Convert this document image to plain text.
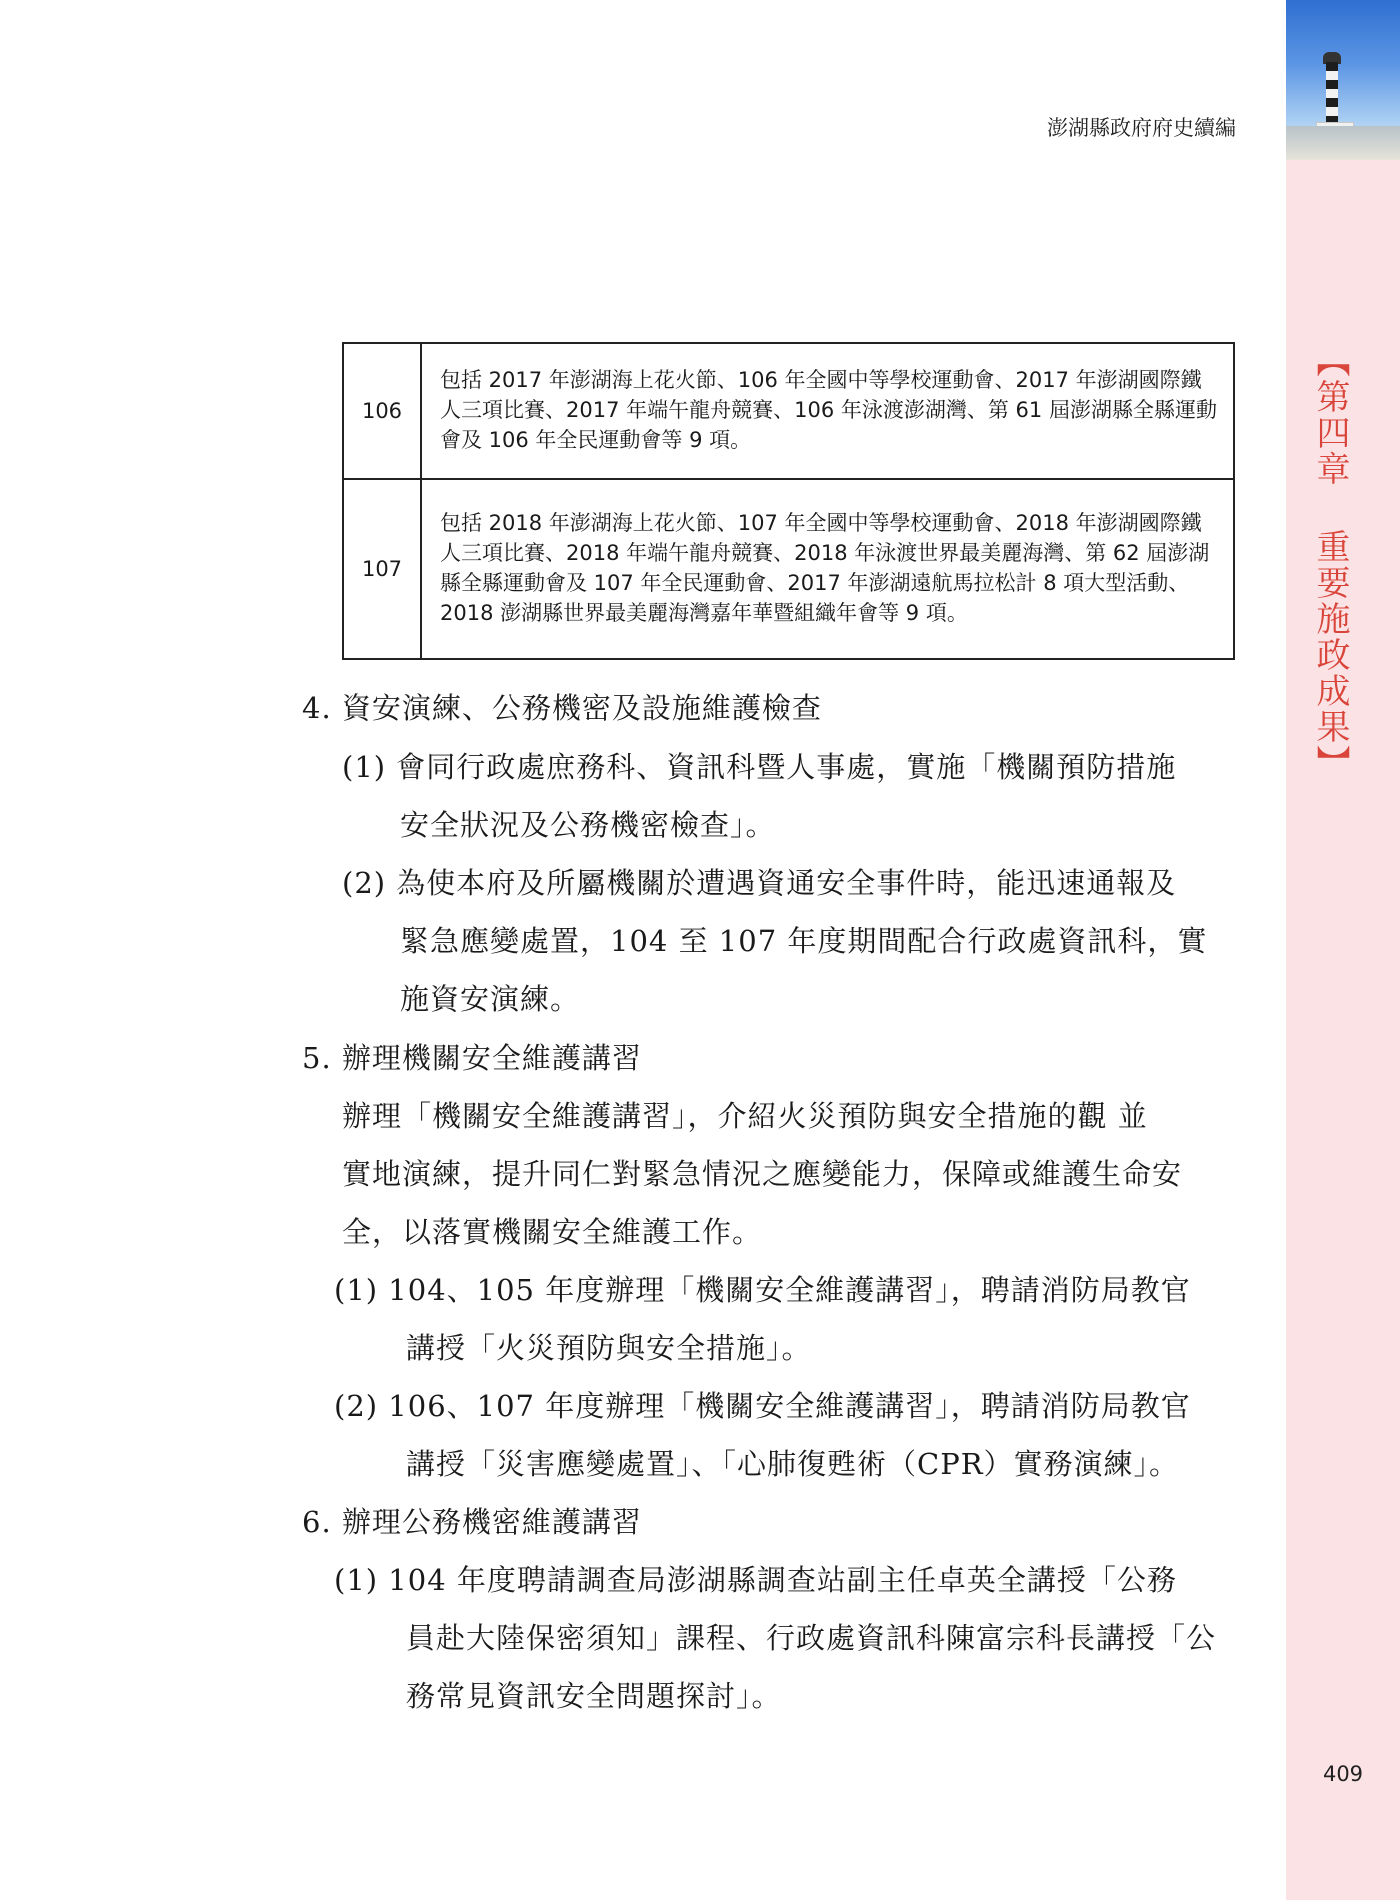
【第四章 重要施政成果】
澎湖縣政府府史續編
106	包括 2017 年澎湖海上花火節、106 年全國中等學校運動會、2017 年澎湖國際鐵人三項比賽、2017 年端午龍舟競賽、106 年泳渡澎湖灣、第 61 屆澎湖縣全縣運動會及 106 年全民運動會等 9 項。
107	包括 2018 年澎湖海上花火節、107 年全國中等學校運動會、2018 年澎湖國際鐵人三項比賽、2018 年端午龍舟競賽、2018 年泳渡世界最美麗海灣、第 62 屆澎湖縣全縣運動會及 107 年全民運動會、2017 年澎湖遠航馬拉松計 8 項大型活動、2018 澎湖縣世界最美麗海灣嘉年華暨組織年會等 9 項。
4. 資安演練、公務機密及設施維護檢查
(1) 會同行政處庶務科、資訊科暨人事處，實施「機關預防措施
安全狀況及公務機密檢查」。
(2) 為使本府及所屬機關於遭遇資通安全事件時，能迅速通報及
緊急應變處置，104 至 107 年度期間配合行政處資訊科，實
施資安演練。
5. 辦理機關安全維護講習
辦理「機關安全維護講習」，介紹火災預防與安全措施的觀 並
實地演練，提升同仁對緊急情況之應變能力，保障或維護生命安
全，以落實機關安全維護工作。
(1) 104、105 年度辦理「機關安全維護講習」，聘請消防局教官
講授「火災預防與安全措施」。
(2) 106、107 年度辦理「機關安全維護講習」，聘請消防局教官
講授「災害應變處置」、「心肺復甦術（CPR）實務演練」。
6. 辦理公務機密維護講習
(1) 104 年度聘請調查局澎湖縣調查站副主任卓英全講授「公務
員赴大陸保密須知」課程、行政處資訊科陳富宗科長講授「公
務常見資訊安全問題探討」。
409
